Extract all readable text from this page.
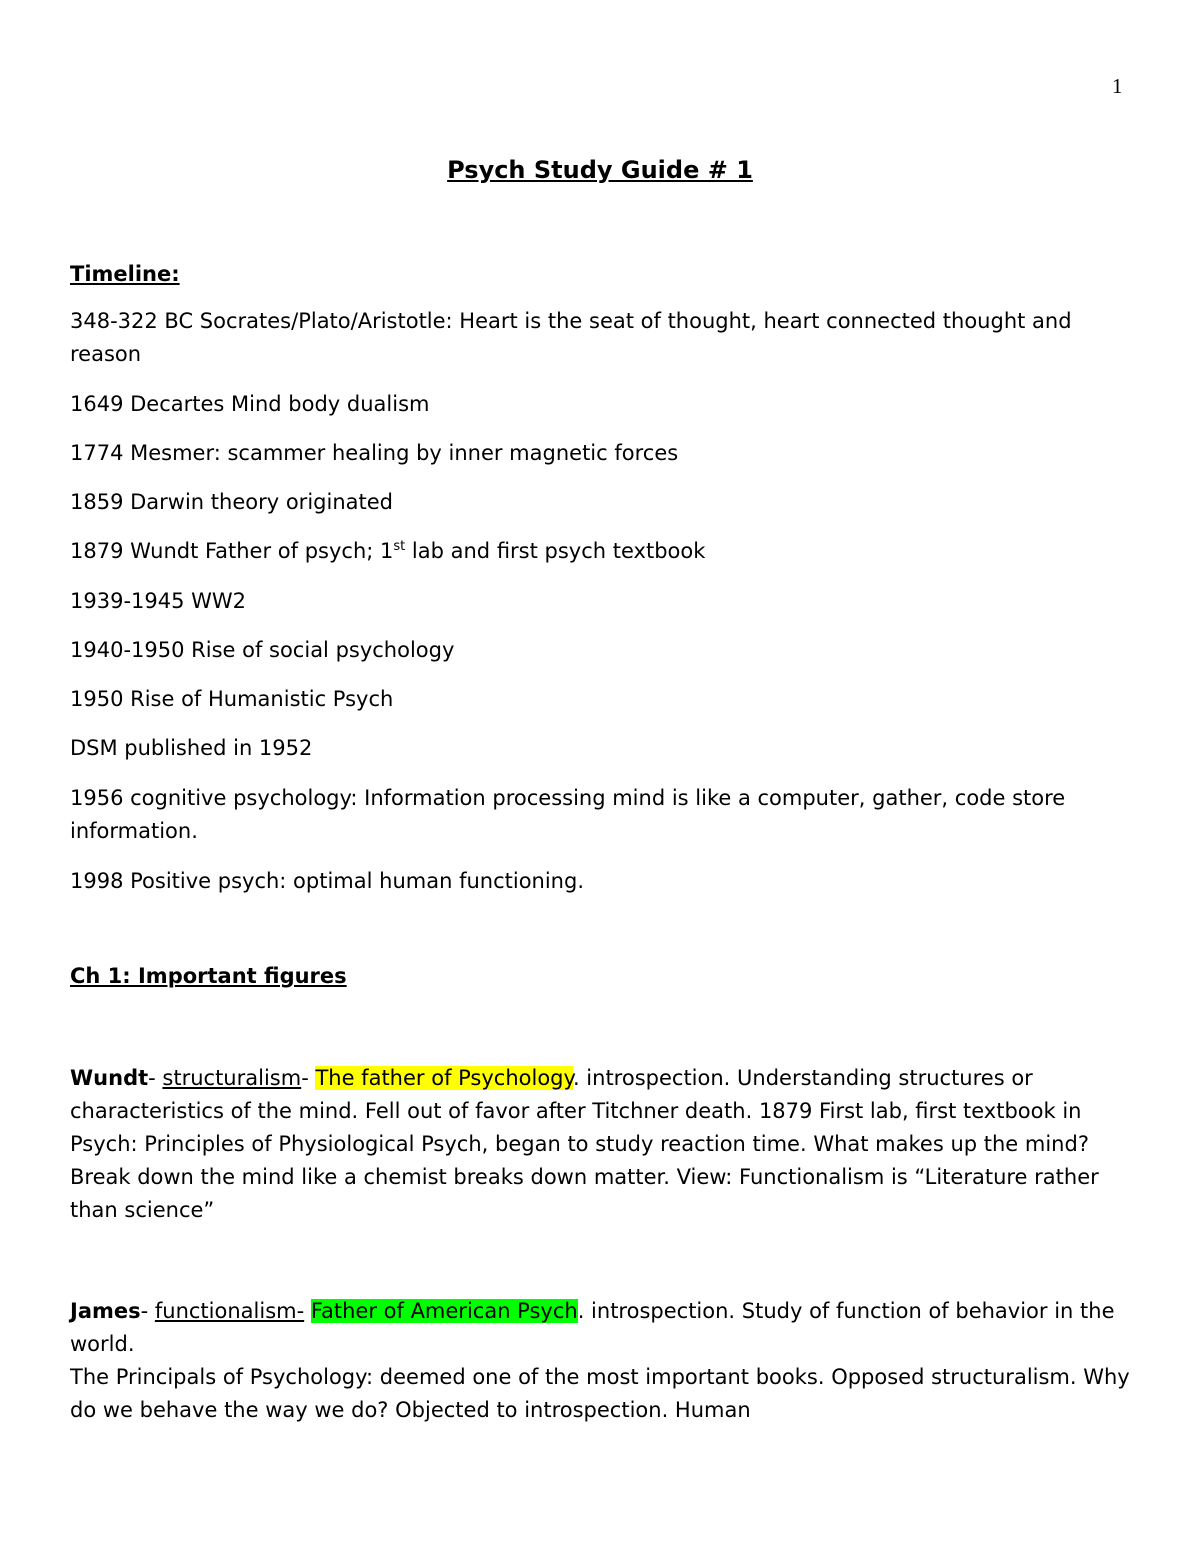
1
Psych Study Guide # 1
Timeline:

348-322 BC Socrates/Plato/Aristotle: Heart is the seat of thought, heart connected thought and reason

1649 Decartes Mind body dualism

1774 Mesmer: scammer healing by inner magnetic forces

1859 Darwin theory originated

1879 Wundt Father of psych; 1st lab and first psych textbook

1939-1945 WW2

1940-1950 Rise of social psychology

1950 Rise of Humanistic Psych

DSM published in 1952

1956 cognitive psychology: Information processing mind is like a computer, gather, code store information.

1998 Positive psych: optimal human functioning.

Ch 1: Important figures

Wundt- structuralism- The father of Psychology. introspection. Understanding structures or characteristics of the mind. Fell out of favor after Titchner death. 1879 First lab, first textbook in Psych: Principles of Physiological Psych, began to study reaction time. What makes up the mind? Break down the mind like a chemist breaks down matter. View: Functionalism is “Literature rather than science”

James- functionalism- Father of American Psych. introspection. Study of function of behavior in the world.
The Principals of Psychology: deemed one of the most important books. Opposed structuralism. Why do we behave the way we do? Objected to introspection. Human
